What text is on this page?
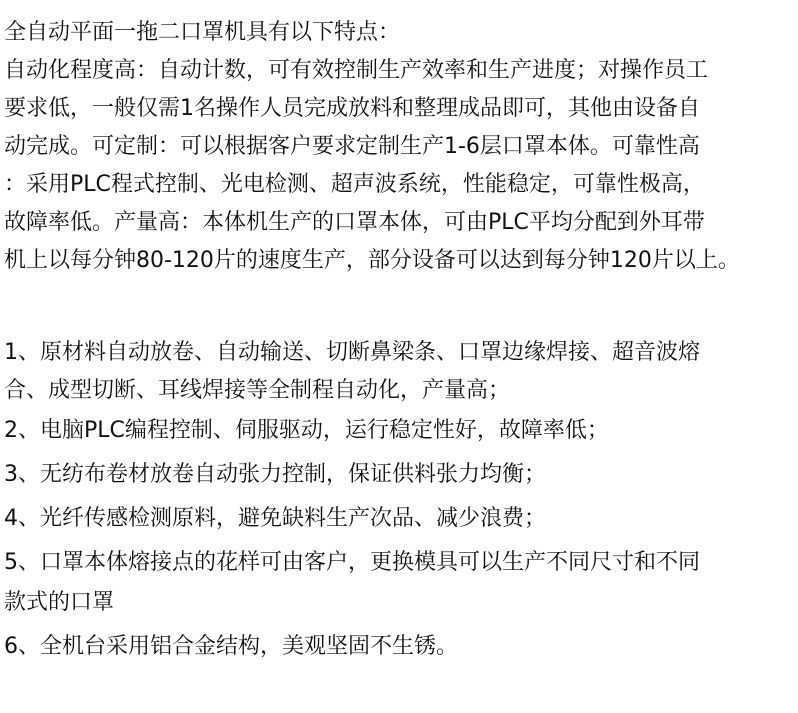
全自动平面一拖二口罩机具有以下特点：
自动化程度高：自动计数，可有效控制生产效率和生产进度；对操作员工
要求低，一般仅需1名操作人员完成放料和整理成品即可，其他由设备自
动完成。可定制：可以根据客户要求定制生产1-6层口罩本体。可靠性高
：采用PLC程式控制、光电检测、超声波系统，性能稳定，可靠性极高，
故障率低。产量高：本体机生产的口罩本体，可由PLC平均分配到外耳带
机上以每分钟80-120片的速度生产，部分设备可以达到每分钟120片以上。
1、原材料自动放卷、自动输送、切断鼻梁条、口罩边缘焊接、超音波熔
合、成型切断、耳线焊接等全制程自动化，产量高；
2、电脑PLC编程控制、伺服驱动，运行稳定性好，故障率低；
3、无纺布卷材放卷自动张力控制，保证供料张力均衡；
4、光纤传感检测原料，避免缺料生产次品、减少浪费；
5、口罩本体熔接点的花样可由客户，更换模具可以生产不同尺寸和不同
款式的口罩
6、全机台采用铝合金结构，美观坚固不生锈。
